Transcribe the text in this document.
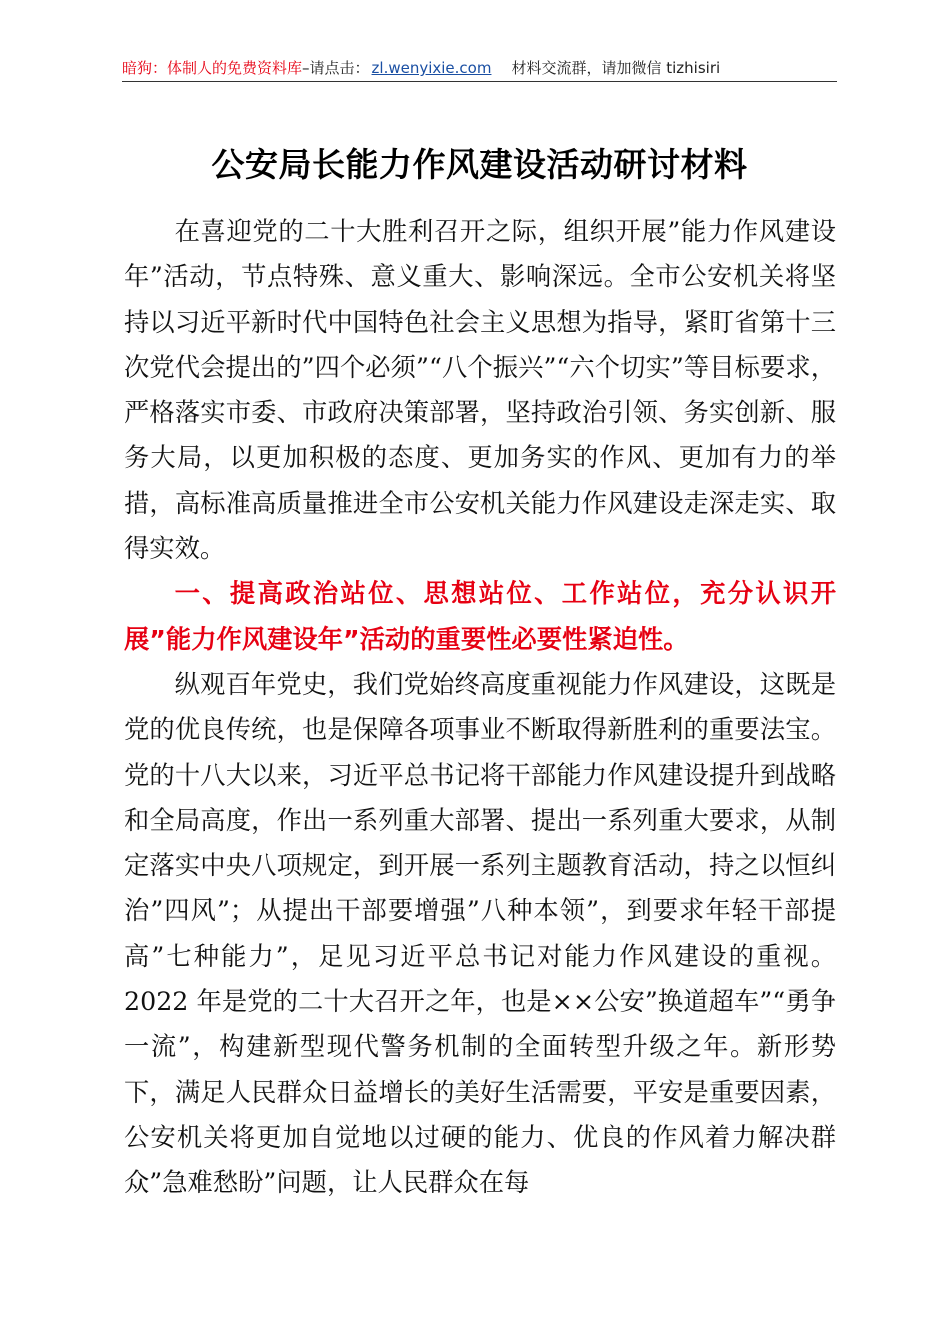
暗狗：体制人的免费资料库–请点击： zl.wenyixie.com 材料交流群，请加微信 tizhisiri
公安局长能力作风建设活动研讨材料

在喜迎党的二十大胜利召开之际，组织开展”能力作风建设年”活动，节点特殊、意义重大、影响深远。全市公安机关将坚持以习近平新时代中国特色社会主义思想为指导，紧盯省第十三次党代会提出的”四个必须”“八个振兴”“六个切实”等目标要求，严格落实市委、市政府决策部署，坚持政治引领、务实创新、服务大局，以更加积极的态度、更加务实的作风、更加有力的举措，高标准高质量推进全市公安机关能力作风建设走深走实、取得实效。

一、提高政治站位、思想站位、工作站位，充分认识开展”能力作风建设年”活动的重要性必要性紧迫性。

纵观百年党史，我们党始终高度重视能力作风建设，这既是党的优良传统，也是保障各项事业不断取得新胜利的重要法宝。党的十八大以来，习近平总书记将干部能力作风建设提升到战略和全局高度，作出一系列重大部署、提出一系列重大要求，从制定落实中央八项规定，到开展一系列主题教育活动，持之以恒纠治”四风”；从提出干部要增强”八种本领”，到要求年轻干部提高”七种能力”，足见习近平总书记对能力作风建设的重视。2022 年是党的二十大召开之年，也是××公安”换道超车”“勇争一流”，构建新型现代警务机制的全面转型升级之年。新形势下，满足人民群众日益增长的美好生活需要，平安是重要因素，公安机关将更加自觉地以过硬的能力、优良的作风着力解决群众”急难愁盼”问题，让人民群众在每
